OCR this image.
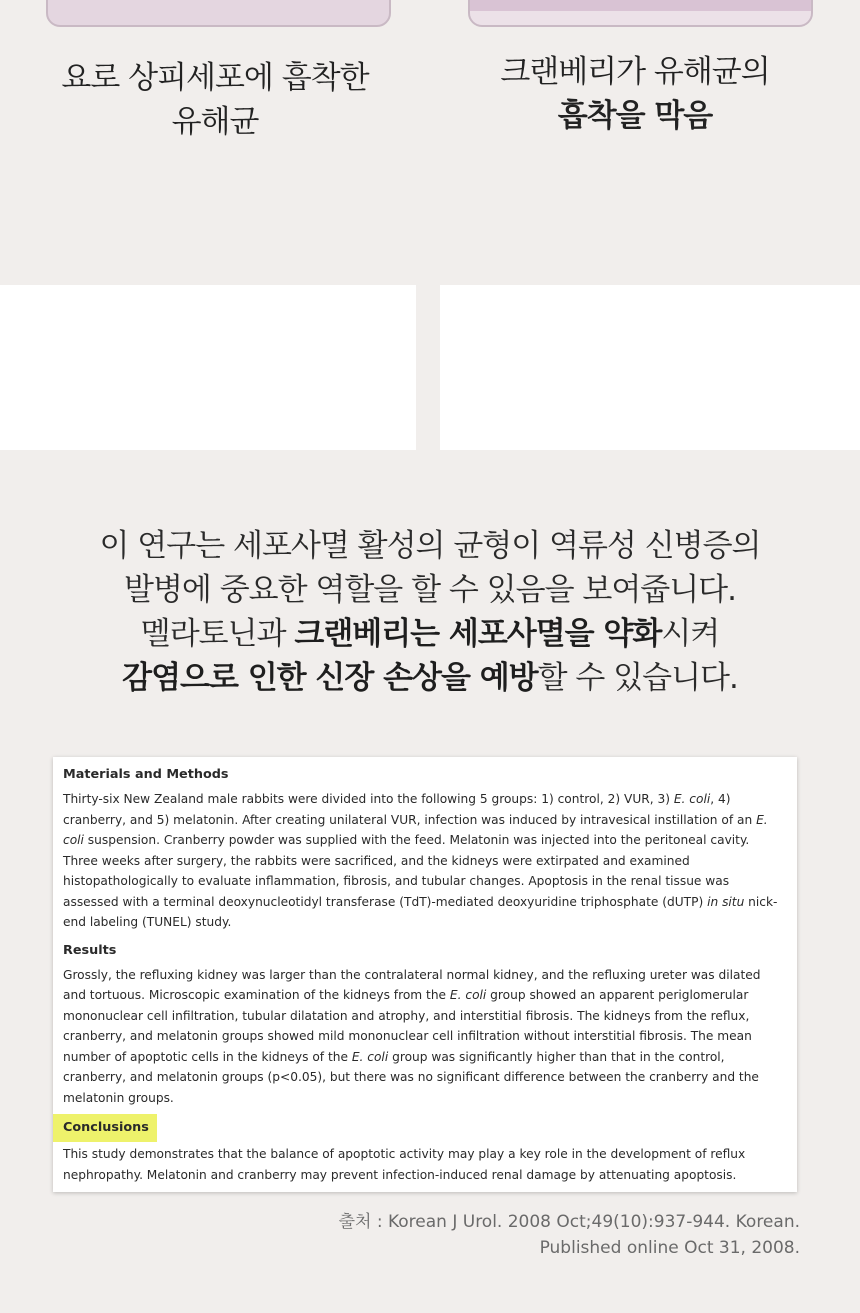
요로 상피세포에 흡착한
유해균
크랜베리가 유해균의
흡착을 막음
이 연구는 세포사멸 활성의 균형이 역류성 신병증의
발병에 중요한 역할을 할 수 있음을 보여줍니다.
멜라토닌과 크랜베리는 세포사멸을 약화시켜
감염으로 인한 신장 손상을 예방할 수 있습니다.
Materials and Methods

Thirty-six New Zealand male rabbits were divided into the following 5 groups: 1) control, 2) VUR, 3) E. coli, 4) cranberry, and 5) melatonin. After creating unilateral VUR, infection was induced by intravesical instillation of an E. coli suspension. Cranberry powder was supplied with the feed. Melatonin was injected into the peritoneal cavity. Three weeks after surgery, the rabbits were sacrificed, and the kidneys were extirpated and examined histopathologically to evaluate inflammation, fibrosis, and tubular changes. Apoptosis in the renal tissue was assessed with a terminal deoxynucleotidyl transferase (TdT)-mediated deoxyuridine triphosphate (dUTP) in situ nick-end labeling (TUNEL) study.

Results

Grossly, the refluxing kidney was larger than the contralateral normal kidney, and the refluxing ureter was dilated and tortuous. Microscopic examination of the kidneys from the E. coli group showed an apparent periglomerular mononuclear cell infiltration, tubular dilatation and atrophy, and interstitial fibrosis. The kidneys from the reflux, cranberry, and melatonin groups showed mild mononuclear cell infiltration without interstitial fibrosis. The mean number of apoptotic cells in the kidneys of the E. coli group was significantly higher than that in the control, cranberry, and melatonin groups (p<0.05), but there was no significant difference between the cranberry and the melatonin groups.

Conclusions

This study demonstrates that the balance of apoptotic activity may play a key role in the development of reflux nephropathy. Melatonin and cranberry may prevent infection-induced renal damage by attenuating apoptosis.

출처 : Korean J Urol. 2008 Oct;49(10):937-944. Korean.
Published online Oct 31, 2008.
